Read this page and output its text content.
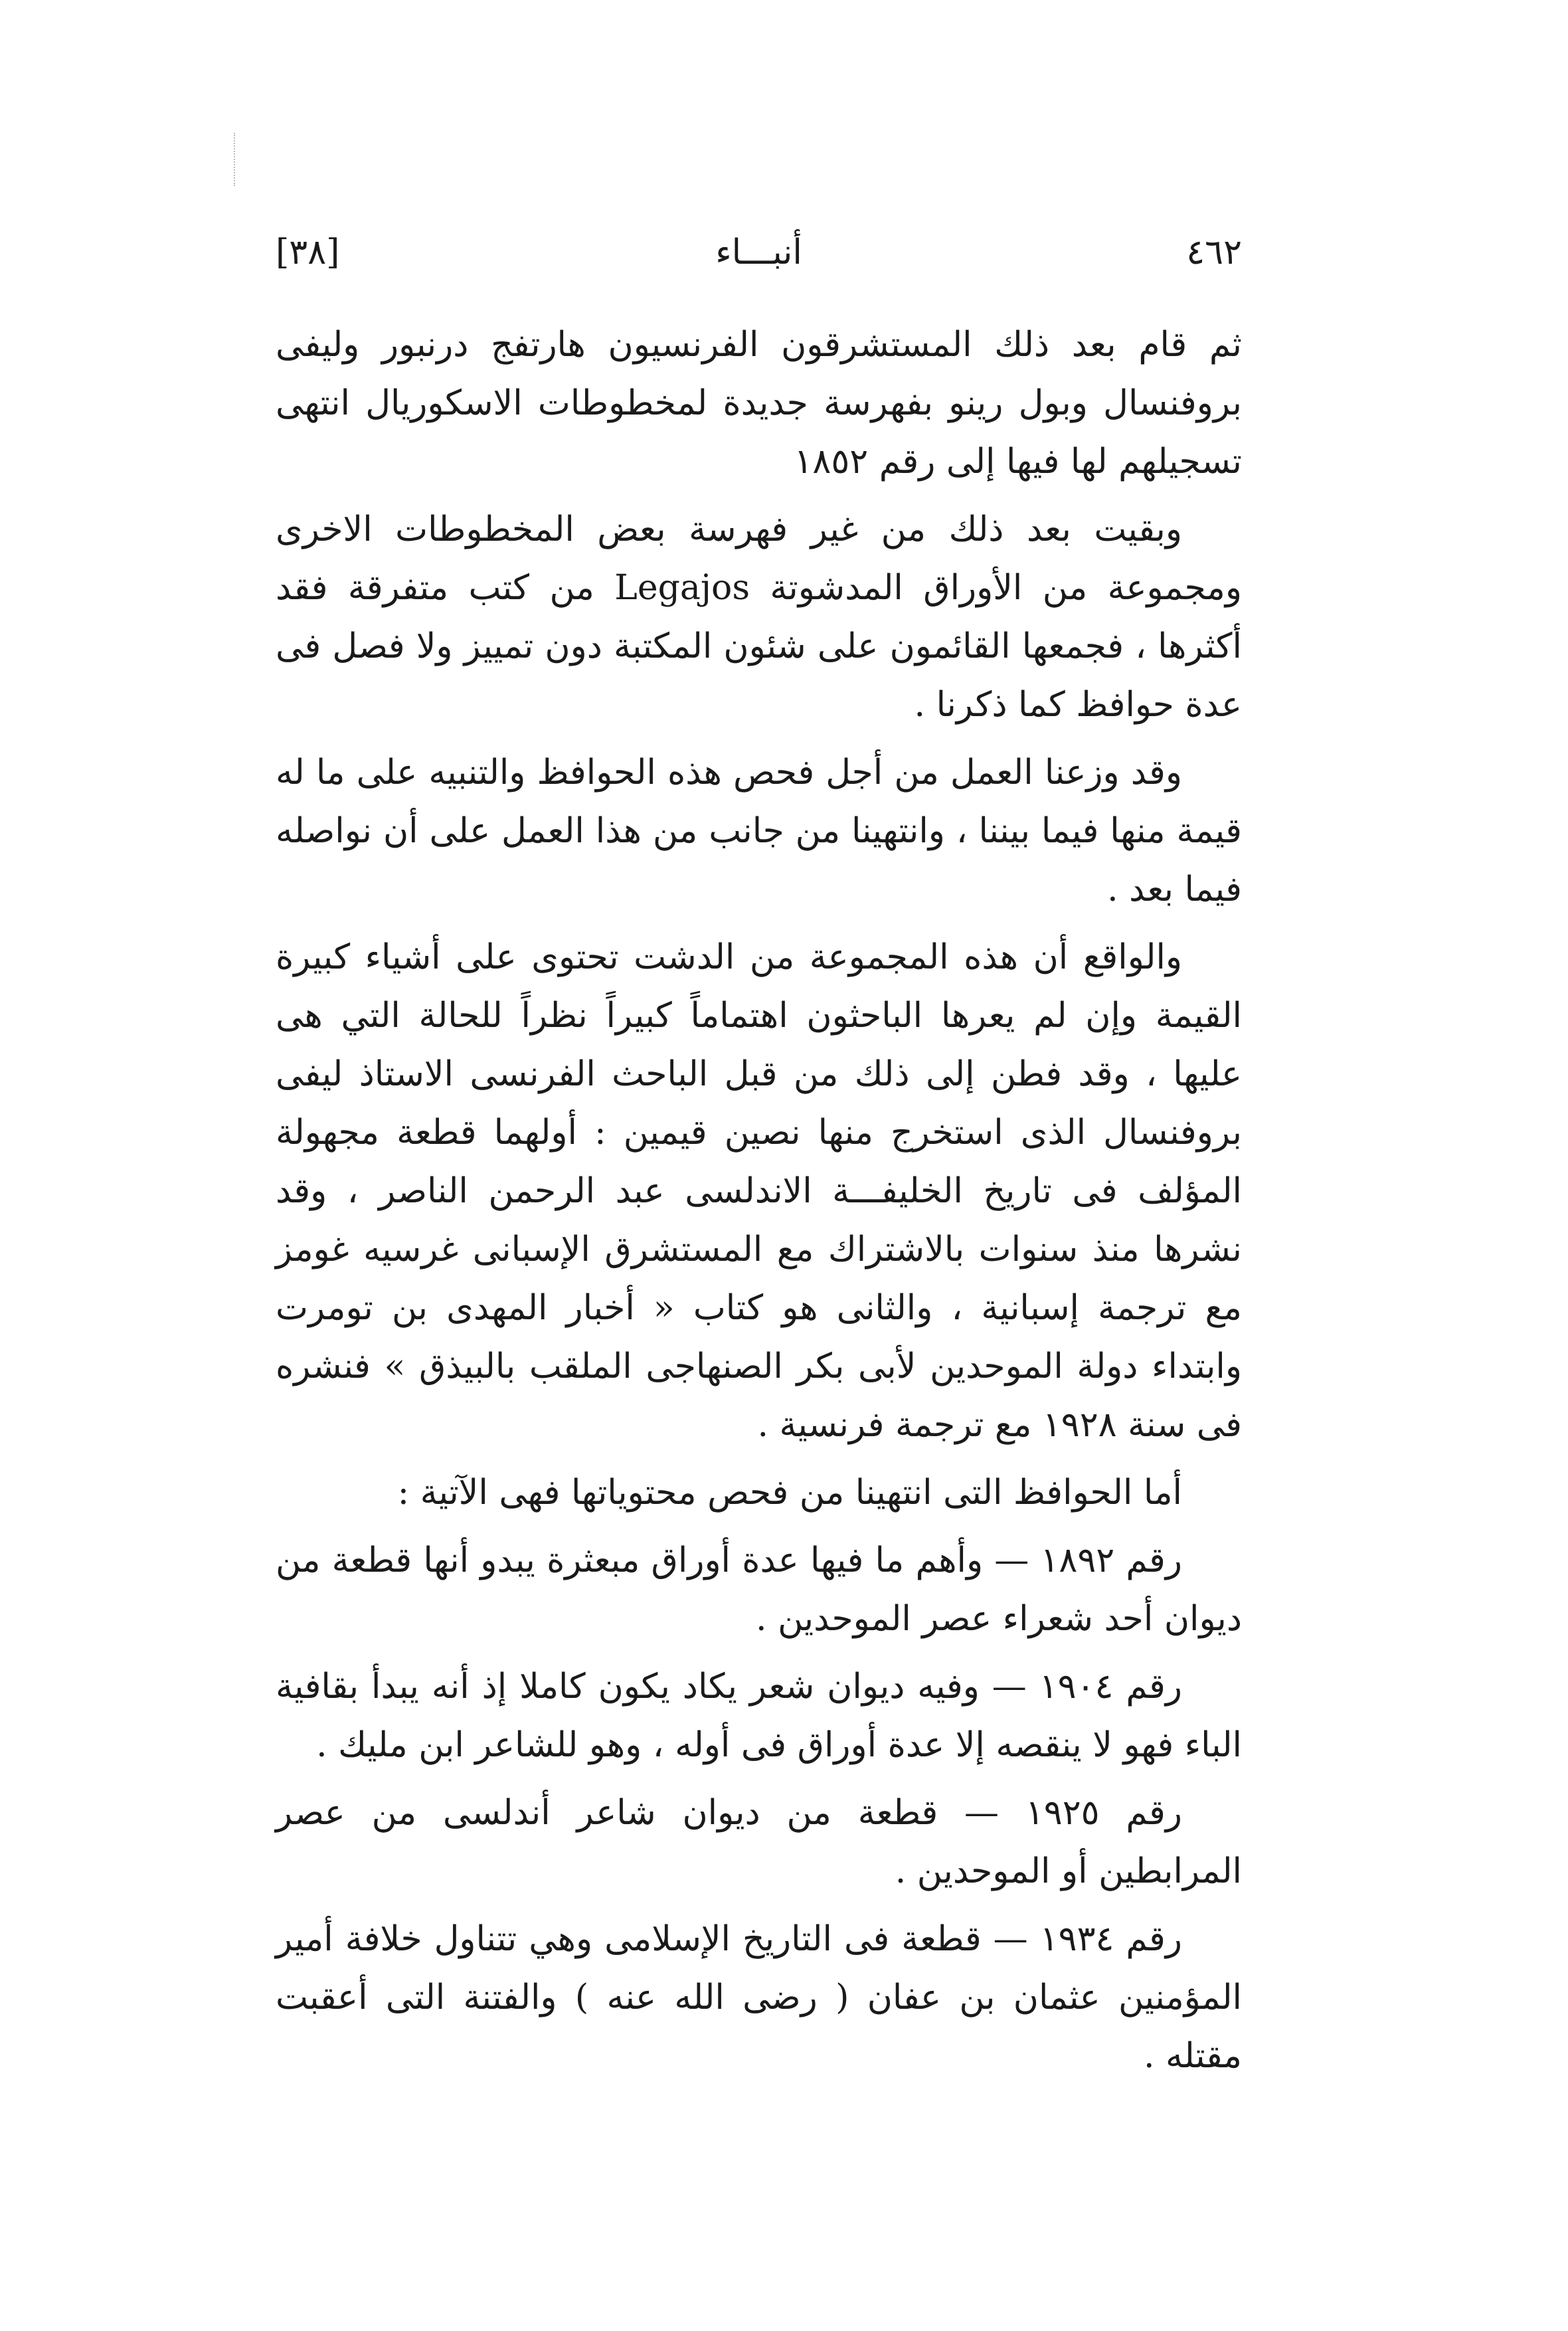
٤٦٢
أنبـــاء
[٣٨]

ثم قام بعد ذلك المستشرقون الفرنسيون هارتفج درنبور وليفى بروفنسال وبول رينو بفهرسة جديدة لمخطوطات الاسكوريال انتهى تسجيلهم لها فيها إلى رقم ١٨٥٢

وبقيت بعد ذلك من غير فهرسة بعض المخطوطات الاخرى ومجموعة من الأوراق المدشوتة Legajos من كتب متفرقة فقد أكثرها ، فجمعها القائمون على شئون المكتبة دون تمييز ولا فصل فى عدة حوافظ كما ذكرنا .

وقد وزعنا العمل من أجل فحص هذه الحوافظ والتنبيه على ما له قيمة منها فيما بيننا ، وانتهينا من جانب من هذا العمل على أن نواصله فيما بعد .

والواقع أن هذه المجموعة من الدشت تحتوى على أشياء كبيرة القيمة وإن لم يعرها الباحثون اهتماماً كبيراً نظراً للحالة التي هى عليها ، وقد فطن إلى ذلك من قبل الباحث الفرنسى الاستاذ ليفى بروفنسال الذى استخرج منها نصين قيمين : أولهما قطعة مجهولة المؤلف فى تاريخ الخليفـــة الاندلسى عبد الرحمن الناصر ، وقد نشرها منذ سنوات بالاشتراك مع المستشرق الإسبانى غرسيه غومز مع ترجمة إسبانية ، والثانى هو كتاب « أخبار المهدى بن تومرت وابتداء دولة الموحدين لأبى بكر الصنهاجى الملقب بالبيذق » فنشره فى سنة ١٩٢٨ مع ترجمة فرنسية .

أما الحوافظ التى انتهينا من فحص محتوياتها فهى الآتية :

رقم ١٨٩٢ — وأهم ما فيها عدة أوراق مبعثرة يبدو أنها قطعة من ديوان أحد شعراء عصر الموحدين .

رقم ١٩٠٤ — وفيه ديوان شعر يكاد يكون كاملا إذ أنه يبدأ بقافية الباء فهو لا ينقصه إلا عدة أوراق فى أوله ، وهو للشاعر ابن مليك .

رقم ١٩٢٥ — قطعة من ديوان شاعر أندلسى من عصر المرابطين أو الموحدين .

رقم ١٩٣٤ — قطعة فى التاريخ الإسلامى وهي تتناول خلافة أمير المؤمنين عثمان بن عفان ( رضى الله عنه ) والفتنة التى أعقبت مقتله .
